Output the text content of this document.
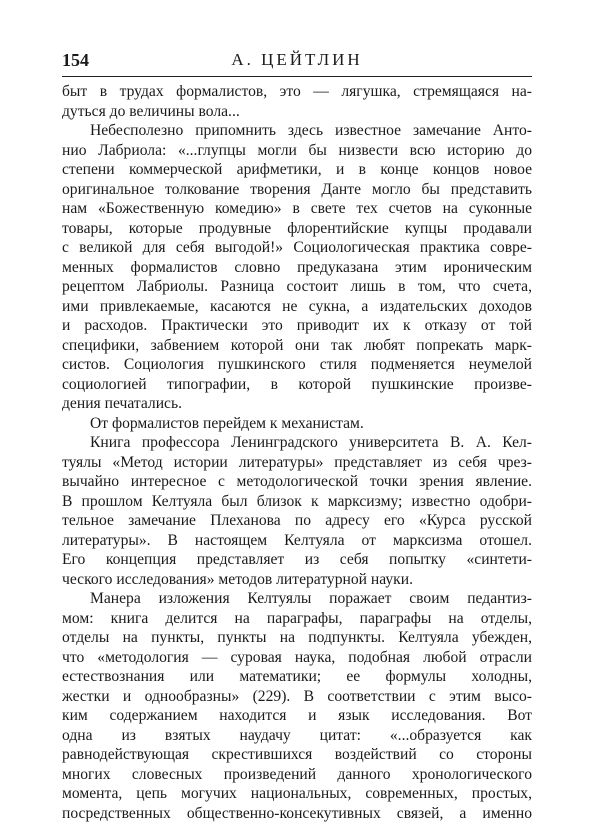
154	А. ЦЕЙТЛИН
быт в трудах формалистов, это — лягушка, стремящаяся на-
дуться до величины вола...
Небесполезно припомнить здесь известное замечание Анто-
нио Лабриола: «...глупцы могли бы низвести всю историю до
степени коммерческой арифметики, и в конце концов новое
оригинальное толкование творения Данте могло бы представить
нам «Божественную комедию» в свете тех счетов на суконные
товары, которые продувные флорентийские купцы продавали
с великой для себя выгодой!» Социологическая практика совре-
менных формалистов словно предуказана этим ироническим
рецептом Лабриолы. Разница состоит лишь в том, что счета,
ими привлекаемые, касаются не сукна, а издательских доходов
и расходов. Практически это приводит их к отказу от той
специфики, забвением которой они так любят попрекать марк-
систов. Социология пушкинского стиля подменяется неумелой
социологией типографии, в которой пушкинские произве-
дения печатались.
От формалистов перейдем к механистам.
Книга профессора Ленинградского университета В. А. Кел-
туялы «Метод истории литературы» представляет из себя чрез-
вычайно интересное с методологической точки зрения явление.
В прошлом Келтуяла был близок к марксизму; известно одобри-
тельное замечание Плеханова по адресу его «Курса русской
литературы». В настоящем Келтуяла от марксизма отошел.
Его концепция представляет из себя попытку «синтети-
ческого исследования» методов литературной науки.
Манера изложения Келтуялы поражает своим педантиз-
мом: книга делится на параграфы, параграфы на отделы,
отделы на пункты, пункты на подпункты. Келтуяла убежден,
что «методология — суровая наука, подобная любой отрасли
естествознания или математики; ее формулы холодны,
жестки и однообразны» (229). В соответствии с этим высо-
ким содержанием находится и язык исследования. Вот
одна из взятых наудачу цитат: «...образуется как
равнодействующая скрестившихся воздействий со стороны
многих словесных произведений данного хронологического
момента, цепь могучих национальных, современных, простых,
посредственных общественно-консекутивных связей, а именно
